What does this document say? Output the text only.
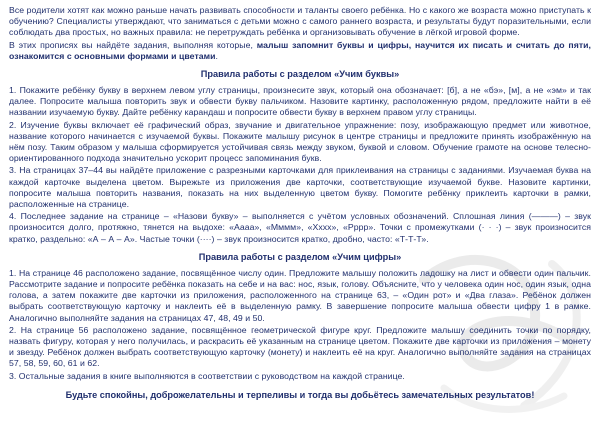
Все родители хотят как можно раньше начать развивать способности и таланты своего ребёнка. Но с какого же возраста можно приступать к обучению? Специалисты утверждают, что заниматься с детьми можно с самого раннего возраста, и результаты будут поразительными, если соблюдать два простых, но важных правила: не перетруждать ребёнка и организовывать обучение в лёгкой игровой форме.

В этих прописях вы найдёте задания, выполняя которые, малыш запомнит буквы и цифры, научится их писать и считать до пяти, ознакомится с основными формами и цветами.

Правила работы с разделом «Учим буквы»

1. Покажите ребёнку букву в верхнем левом углу страницы, произнесите звук, который она обозначает: [б], а не «бэ», [м], а не «эм» и так далее. Попросите малыша повторить звук и обвести букву пальчиком. Назовите картинку, расположенную рядом, предложите найти в её названии изучаемую букву. Дайте ребёнку карандаш и попросите обвести букву в верхнем правом углу страницы.

2. Изучение буквы включает её графический образ, звучание и двигательное упражнение: позу, изображающую предмет или животное, название которого начинается с изучаемой буквы. Покажите малышу рисунок в центре страницы и предложите принять изображённую на нём позу. Таким образом у малыша сформируется устойчивая связь между звуком, буквой и словом. Обучение грамоте на основе телесно-ориентированного подхода значительно ускорит процесс запоминания букв.

3. На страницах 37–44 вы найдёте приложение с разрезными карточками для приклеивания на страницы с заданиями. Изучаемая буква на каждой карточке выделена цветом. Вырежьте из приложения две карточки, соответствующие изучаемой букве. Назовите картинки, попросите малыша повторить названия, показать на них выделенную цветом букву. Помогите ребёнку приклеить карточки в рамки, расположенные на странице.

4. Последнее задание на странице – «Назови букву» – выполняется с учётом условных обозначений. Сплошная линия (———) – звук произносится долго, протяжно, тянется на выдохе: «Аааа», «Мммм», «Хххх», «Рррр». Точки с промежутками (· · ·) – звук произносится кратко, раздельно: «А – А – А». Частые точки (····) – звук произносится кратко, дробно, часто: «Т-Т-Т».

Правила работы с разделом «Учим цифры»

1. На странице 46 расположено задание, посвящённое числу один. Предложите малышу положить ладошку на лист и обвести один пальчик. Рассмотрите задание и попросите ребёнка показать на себе и на вас: нос, язык, голову. Объясните, что у человека один нос, один язык, одна голова, а затем покажите две карточки из приложения, расположенного на странице 63, – «Один рот» и «Два глаза». Ребёнок должен выбрать соответствующую карточку и наклеить её в выделенную рамку. В завершение попросите малыша обвести цифру 1 в рамке. Аналогично выполняйте задания на страницах 47, 48, 49 и 50.

2. На странице 56 расположено задание, посвящённое геометрической фигуре круг. Предложите малышу соединить точки по порядку, назвать фигуру, которая у него получилась, и раскрасить её указанным на странице цветом. Покажите две карточки из приложения – монету и звезду. Ребёнок должен выбрать соответствующую карточку (монету) и наклеить её на круг. Аналогично выполняйте задания на страницах 57, 58, 59, 60, 61 и 62.

3. Остальные задания в книге выполняются в соответствии с руководством на каждой странице.

Будьте спокойны, доброжелательны и терпеливы и тогда вы добьётесь замечательных результатов!
